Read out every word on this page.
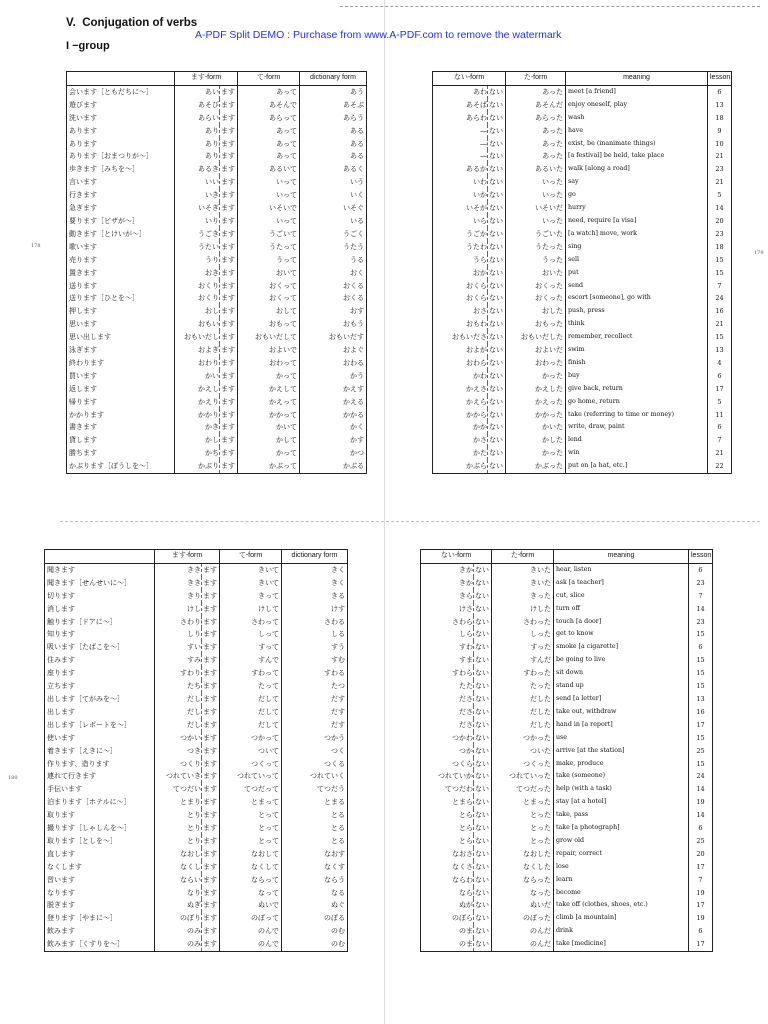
V.  Conjugation of verbs
A-PDF Split DEMO : Purchase from www.A-PDF.com to remove the watermark
I −group
178
179
180
	ます-form		て-form	dictionary form
会います［ともだちに〜］	あい	ます	あって	あう
遊びます	あそび	ます	あそんで	あそぶ
洗います	あらい	ます	あらって	あらう
あります	あり	ます	あって	ある
あります	あり	ます	あって	ある
あります［おまつりが〜］	あり	ます	あって	ある
歩きます［みちを〜］	あるき	ます	あるいて	あるく
言います	いい	ます	いって	いう
行きます	いき	ます	いって	いく
急ぎます	いそぎ	ます	いそいで	いそぐ
要ります［ビザが〜］	いり	ます	いって	いる
動きます［とけいが〜］	うごき	ます	うごいて	うごく
歌います	うたい	ます	うたって	うたう
売ります	うり	ます	うって	うる
置きます	おき	ます	おいて	おく
送ります	おくり	ます	おくって	おくる
送ります［ひとを〜］	おくり	ます	おくって	おくる
押します	おし	ます	おして	おす
思います	おもい	ます	おもって	おもう
思い出します	おもいだし	ます	おもいだして	おもいだす
泳ぎます	およぎ	ます	およいで	およぐ
終わります	おわり	ます	おわって	おわる
買います	かい	ます	かって	かう
返します	かえし	ます	かえして	かえす
帰ります	かえり	ます	かえって	かえる
かかります	かかり	ます	かかって	かかる
書きます	かき	ます	かいて	かく
貸します	かし	ます	かして	かす
勝ちます	かち	ます	かって	かつ
かぶります［ぼうしを〜］	かぶり	ます	かぶって	かぶる
ない-form		た-form	meaning	lesson
あわ	ない	あった	meet [a friend]	6
あそば	ない	あそんだ	enjoy oneself, play	13
あらわ	ない	あらった	wash	18
—	ない	あった	have	9
—	ない	あった	exist, be (inanimate things)	10
—	ない	あった	[a festival] be held, take place	21
あるか	ない	あるいた	walk [along a road]	23
いわ	ない	いった	say	21
いか	ない	いった	go	5
いそが	ない	いそいだ	hurry	14
いら	ない	いった	need, require [a visa]	20
うごか	ない	うごいた	[a watch] move, work	23
うたわ	ない	うたった	sing	18
うら	ない	うった	sell	15
おか	ない	おいた	put	15
おくら	ない	おくった	send	7
おくら	ない	おくった	escort [someone], go with	24
おさ	ない	おした	push, press	16
おもわ	ない	おもった	think	21
おもいださ	ない	おもいだした	remember, recollect	15
およが	ない	およいだ	swim	13
おわら	ない	おわった	finish	4
かわ	ない	かった	buy	6
かえさ	ない	かえした	give back, return	17
かえら	ない	かえった	go home, return	5
かから	ない	かかった	take (referring to time or money)	11
かか	ない	かいた	write, draw, paint	6
かさ	ない	かした	lend	7
かた	ない	かった	win	21
かぶら	ない	かぶった	put on [a hat, etc.]	22
	ます-form		て-form	dictionary form
聞きます	きき	ます	きいて	きく
聞きます［せんせいに〜］	きき	ます	きいて	きく
切ります	きり	ます	きって	きる
消します	けし	ます	けして	けす
触ります［ドアに〜］	さわり	ます	さわって	さわる
知ります	しり	ます	しって	しる
吸います［たばこを〜］	すい	ます	すって	すう
住みます	すみ	ます	すんで	すむ
座ります	すわり	ます	すわって	すわる
立ちます	たち	ます	たって	たつ
出します［てがみを〜］	だし	ます	だして	だす
出します	だし	ます	だして	だす
出します［レポートを〜］	だし	ます	だして	だす
使います	つかい	ます	つかって	つかう
着きます［えきに〜］	つき	ます	ついて	つく
作ります、造ります	つくり	ます	つくって	つくる
連れて行きます	つれていき	ます	つれていって	つれていく
手伝います	てつだい	ます	てつだって	てつだう
泊まります［ホテルに〜］	とまり	ます	とまって	とまる
取ります	とり	ます	とって	とる
撮ります［しゃしんを〜］	とり	ます	とって	とる
取ります［としを〜］	とり	ます	とって	とる
直します	なおし	ます	なおして	なおす
なくします	なくし	ます	なくして	なくす
習います	ならい	ます	ならって	ならう
なります	なり	ます	なって	なる
脱ぎます	ぬぎ	ます	ぬいで	ぬぐ
登ります［やまに〜］	のぼり	ます	のぼって	のぼる
飲みます	のみ	ます	のんで	のむ
飲みます［くすりを〜］	のみ	ます	のんで	のむ
ない-form		た-form	meaning	lesson
きか	ない	きいた	hear, listen	6
きか	ない	きいた	ask [a teacher]	23
きら	ない	きった	cut, slice	7
けさ	ない	けした	turn off	14
さわら	ない	さわった	touch [a door]	23
しら	ない	しった	get to know	15
すわ	ない	すった	smoke [a cigarette]	6
すま	ない	すんだ	be going to live	15
すわら	ない	すわった	sit down	15
たた	ない	たった	stand up	15
ださ	ない	だした	send [a letter]	13
ださ	ない	だした	take out, withdraw	16
ださ	ない	だした	hand in [a report]	17
つかわ	ない	つかった	use	15
つか	ない	ついた	arrive [at the station]	25
つくら	ない	つくった	make, produce	15
つれていか	ない	つれていった	take (someone)	24
てつだわ	ない	てつだった	help (with a task)	14
とまら	ない	とまった	stay [at a hotel]	19
とら	ない	とった	take, pass	14
とら	ない	とった	take [a photograph]	6
とら	ない	とった	grow old	25
なおさ	ない	なおした	repair, correct	20
なくさ	ない	なくした	lose	17
ならわ	ない	ならった	learn	7
なら	ない	なった	become	19
ぬが	ない	ぬいだ	take off (clothes, shoes, etc.)	17
のぼら	ない	のぼった	climb [a mountain]	19
のま	ない	のんだ	drink	6
のま	ない	のんだ	take [medicine]	17
